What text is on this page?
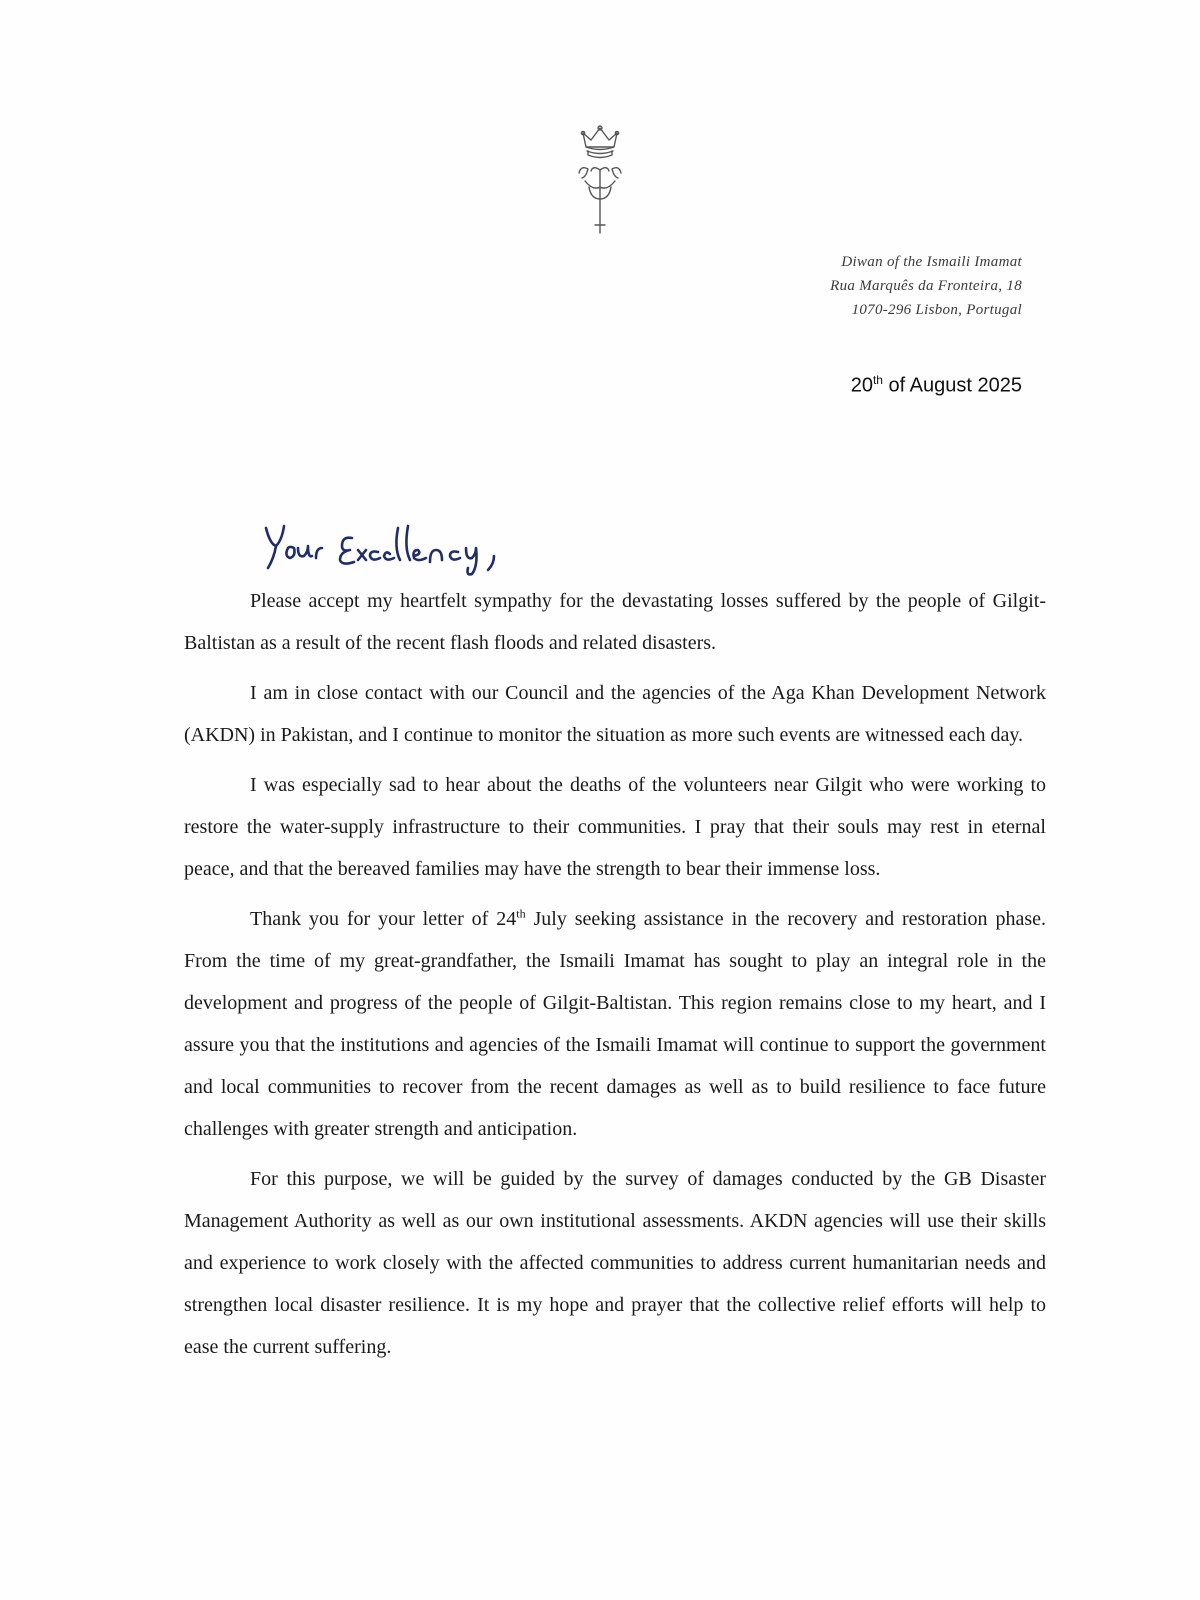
Diwan of the Ismaili Imamat
Rua Marquês da Fronteira, 18
1070-296 Lisbon, Portugal
20th of August 2025

Please accept my heartfelt sympathy for the devastating losses suffered by the people of Gilgit-Baltistan as a result of the recent flash floods and related disasters.

I am in close contact with our Council and the agencies of the Aga Khan Development Network (AKDN) in Pakistan, and I continue to monitor the situation as more such events are witnessed each day.

I was especially sad to hear about the deaths of the volunteers near Gilgit who were working to restore the water-supply infrastructure to their communities. I pray that their souls may rest in eternal peace, and that the bereaved families may have the strength to bear their immense loss.

Thank you for your letter of 24th July seeking assistance in the recovery and restoration phase. From the time of my great-grandfather, the Ismaili Imamat has sought to play an integral role in the development and progress of the people of Gilgit-Baltistan. This region remains close to my heart, and I assure you that the institutions and agencies of the Ismaili Imamat will continue to support the government and local communities to recover from the recent damages as well as to build resilience to face future challenges with greater strength and anticipation.

For this purpose, we will be guided by the survey of damages conducted by the GB Disaster Management Authority as well as our own institutional assessments. AKDN agencies will use their skills and experience to work closely with the affected communities to address current humanitarian needs and strengthen local disaster resilience. It is my hope and prayer that the collective relief efforts will help to ease the current suffering.
